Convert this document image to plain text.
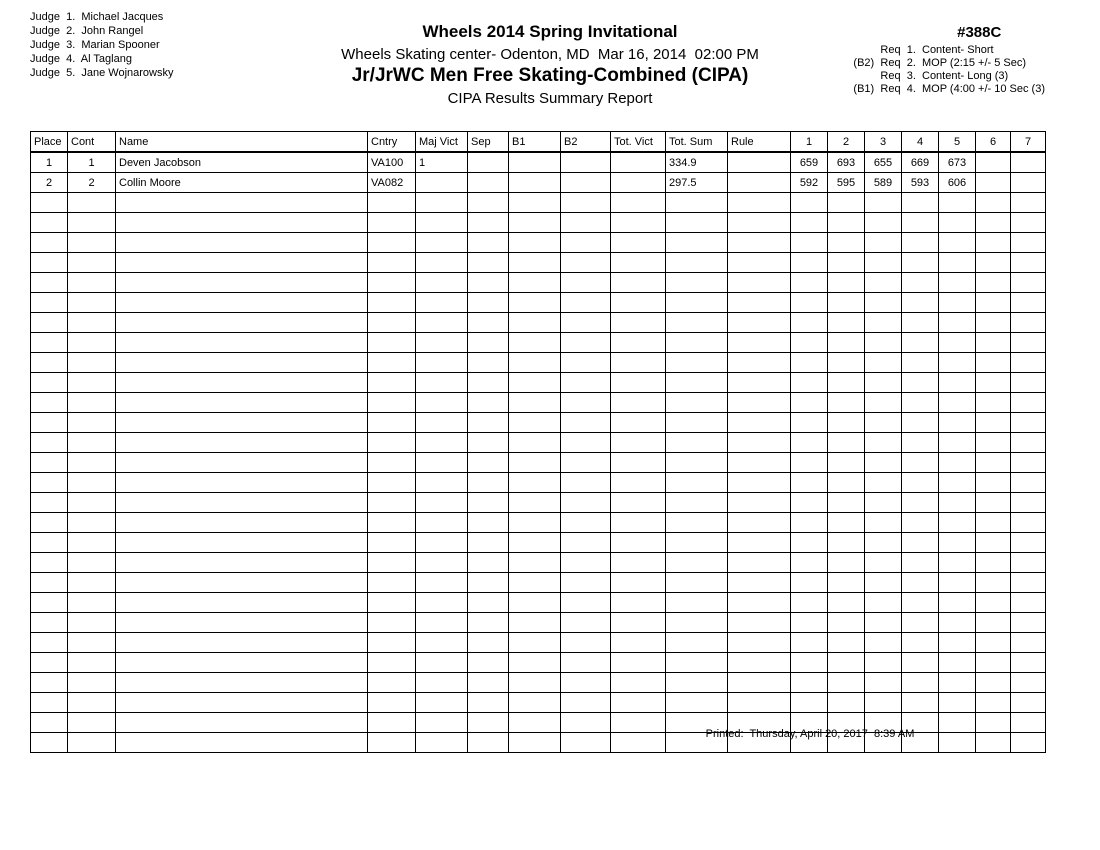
Judge  1.  Michael Jacques
Judge  2.  John Rangel
Judge  3.  Marian Spooner
Judge  4.  Al Taglang
Judge  5.  Jane Wojnarowsky
Wheels 2014 Spring Invitational
Wheels Skating center- Odenton, MD  Mar 16, 2014  02:00 PM
Jr/JrWC Men Free Skating-Combined (CIPA)
CIPA Results Summary Report
#388C
Req  1.  Content- Short
(B2) Req  2.  MOP (2:15 +/- 5 Sec)
Req  3.  Content- Long (3)
(B1) Req  4.  MOP (4:00 +/- 10 Sec (3)
Place	Cont	Name	Cntry	Maj Vict	Sep	B1	B2	Tot. Vict	Tot. Sum	Rule	1	2	3	4	5	6	7
1	1	Deven Jacobson	VA100	1					334.9		659	693	655	669	673		
2	2	Collin Moore	VA082						297.5		592	595	589	593	606		

Printed:  Thursday, April 20, 2017  8:39 AM
